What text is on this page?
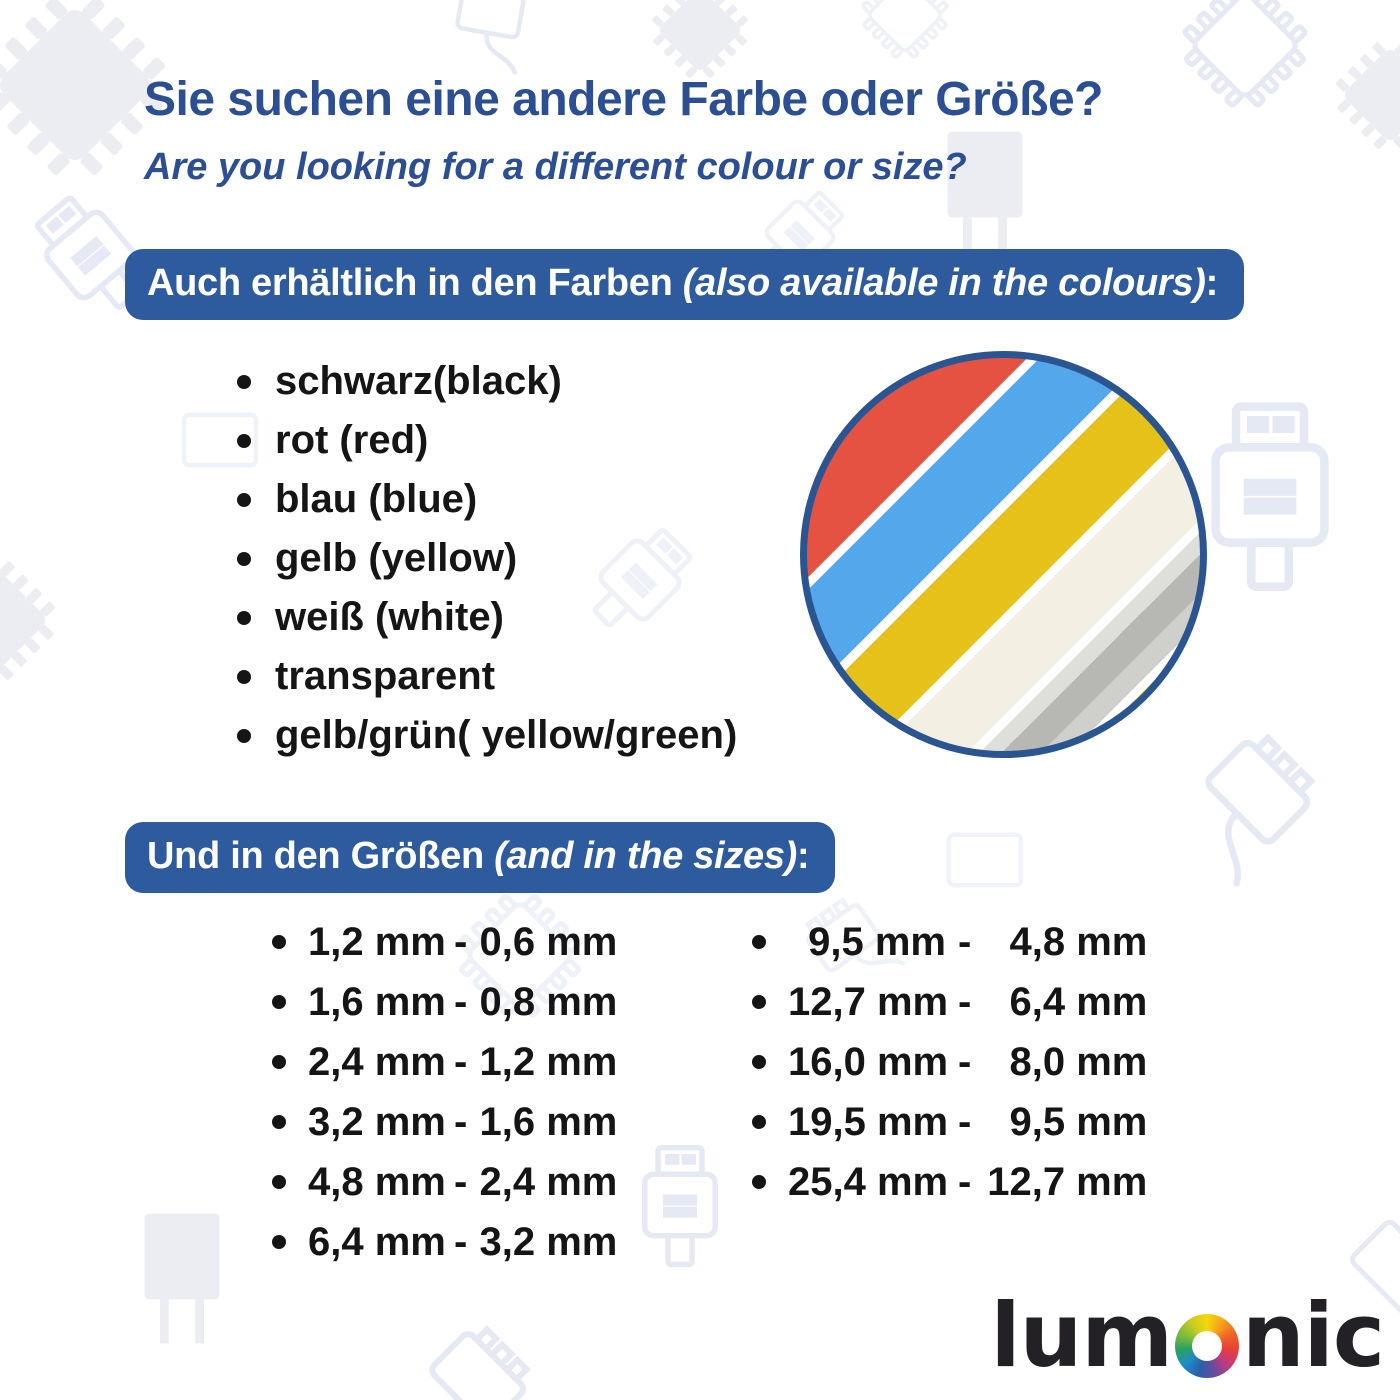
Sie suchen eine andere Farbe oder Größe?
Are you looking for a different colour or size?
Auch erhältlich in den Farben (also available in the colours):
schwarz(black)
rot (red)
blau (blue)
gelb (yellow)
weiß (white)
transparent
gelb/grün( yellow/green)
Und in den Größen (and in the sizes):
1,2 mm - 0,6 mm
1,6 mm - 0,8 mm
2,4 mm - 1,2 mm
3,2 mm - 1,6 mm
4,8 mm - 2,4 mm
6,4 mm - 3,2 mm
9,5 mm - 4,8 mm
12,7 mm - 6,4 mm
16,0 mm - 8,0 mm
19,5 mm - 9,5 mm
25,4 mm - 12,7 mm
lum nic
